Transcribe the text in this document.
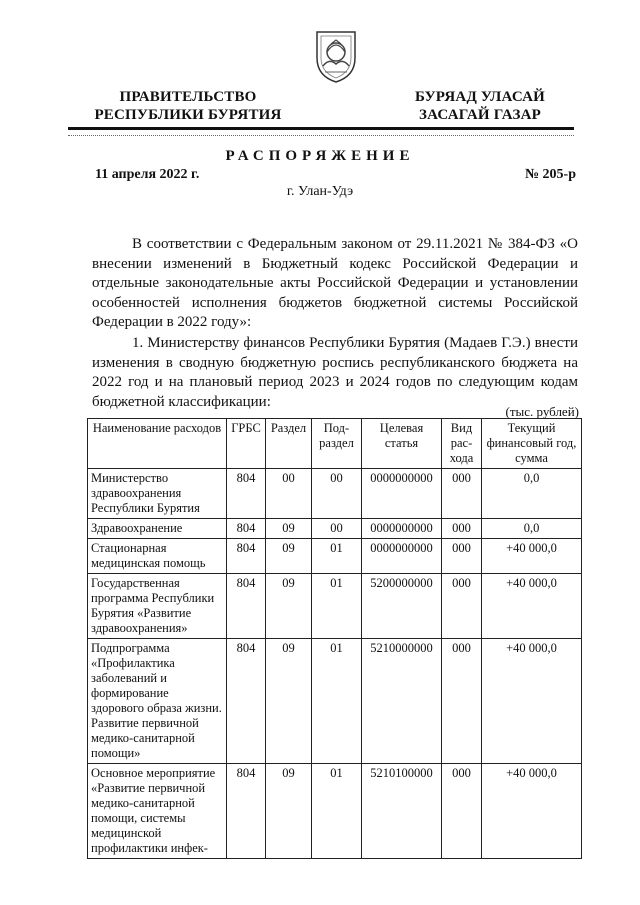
ПРАВИТЕЛЬСТВО
РЕСПУБЛИКИ БУРЯТИЯ
БУРЯАД УЛАСАЙ
ЗАСАГАЙ ГАЗАР
РАСПОРЯЖЕНИЕ
11 апреля 2022 г.	№ 205-р
г. Улан-Удэ

В соответствии с Федеральным законом от 29.11.2021 № 384-ФЗ «О внесении изменений в Бюджетный кодекс Российской Федерации и отдельные законодательные акты Российской Федерации и установлении особенностей исполнения бюджетов бюджетной системы Российской Федерации в 2022 году»:

1. Министерству финансов Республики Бурятия (Мадаев Г.Э.) внести изменения в сводную бюджетную роспись республиканского бюджета на 2022 год и на плановый период 2023 и 2024 годов по следующим кодам бюджетной классификации:

(тыс. рублей)
Наименование расходов	ГРБС	Раздел	Под-раздел	Целевая статья	Вид рас-хода	Текущий финансовый год, сумма
Министерство здравоохранения Республики Бурятия	804	00	00	0000000000	000	0,0
Здравоохранение	804	09	00	0000000000	000	0,0
Стационарная медицинская помощь	804	09	01	0000000000	000	+40 000,0
Государственная программа Республики Бурятия «Развитие здравоохранения»	804	09	01	5200000000	000	+40 000,0
Подпрограмма «Профилактика заболеваний и формирование здорового образа жизни. Развитие первичной медико-санитарной помощи»	804	09	01	5210000000	000	+40 000,0
Основное мероприятие «Развитие первичной медико-санитарной помощи, системы медицинской профилактики инфек-	804	09	01	5210100000	000	+40 000,0
